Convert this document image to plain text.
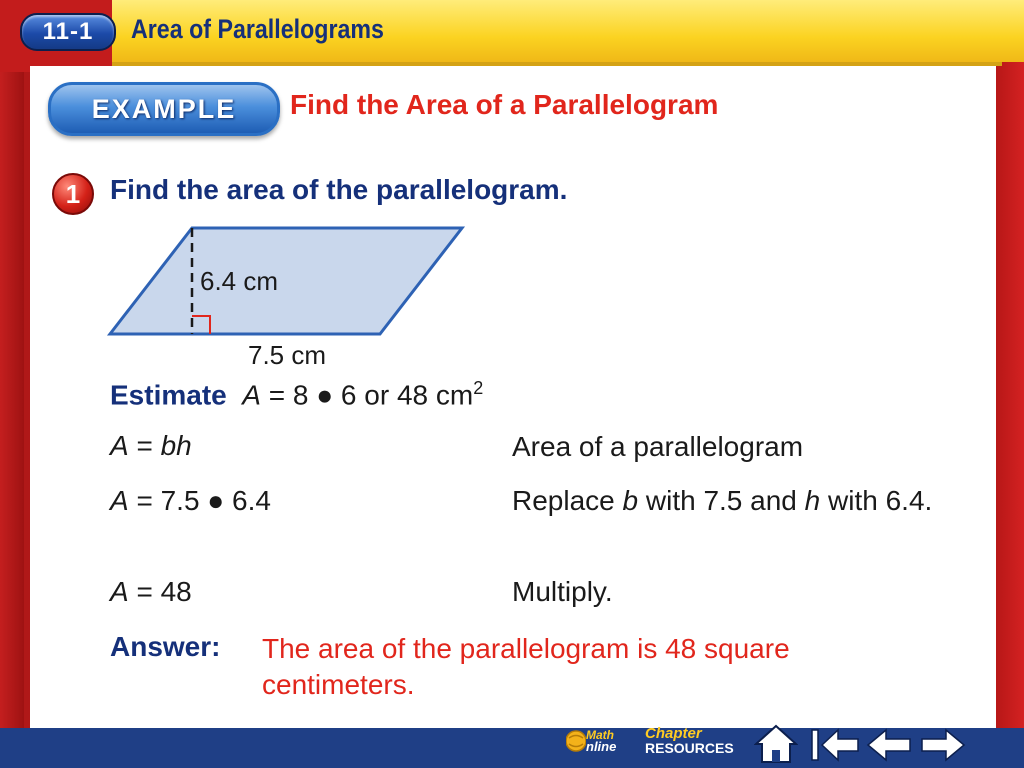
11-1	Area of Parallelograms
EXAMPLE	Find the Area of a Parallelogram
1	Find the area of the parallelogram.
6.4 cm
7.5 cm
Estimate A = 8 ● 6 or 48 $cm^2$
A = bh	Area of a parallelogram
A = 7.5 ● 6.4	Replace b with 7.5 and h with 6.4.
A = 48	Multiply.
Answer: The area of the parallelogram is 48 square centimeters.
Math
nline
Chapter
RESOURCES
